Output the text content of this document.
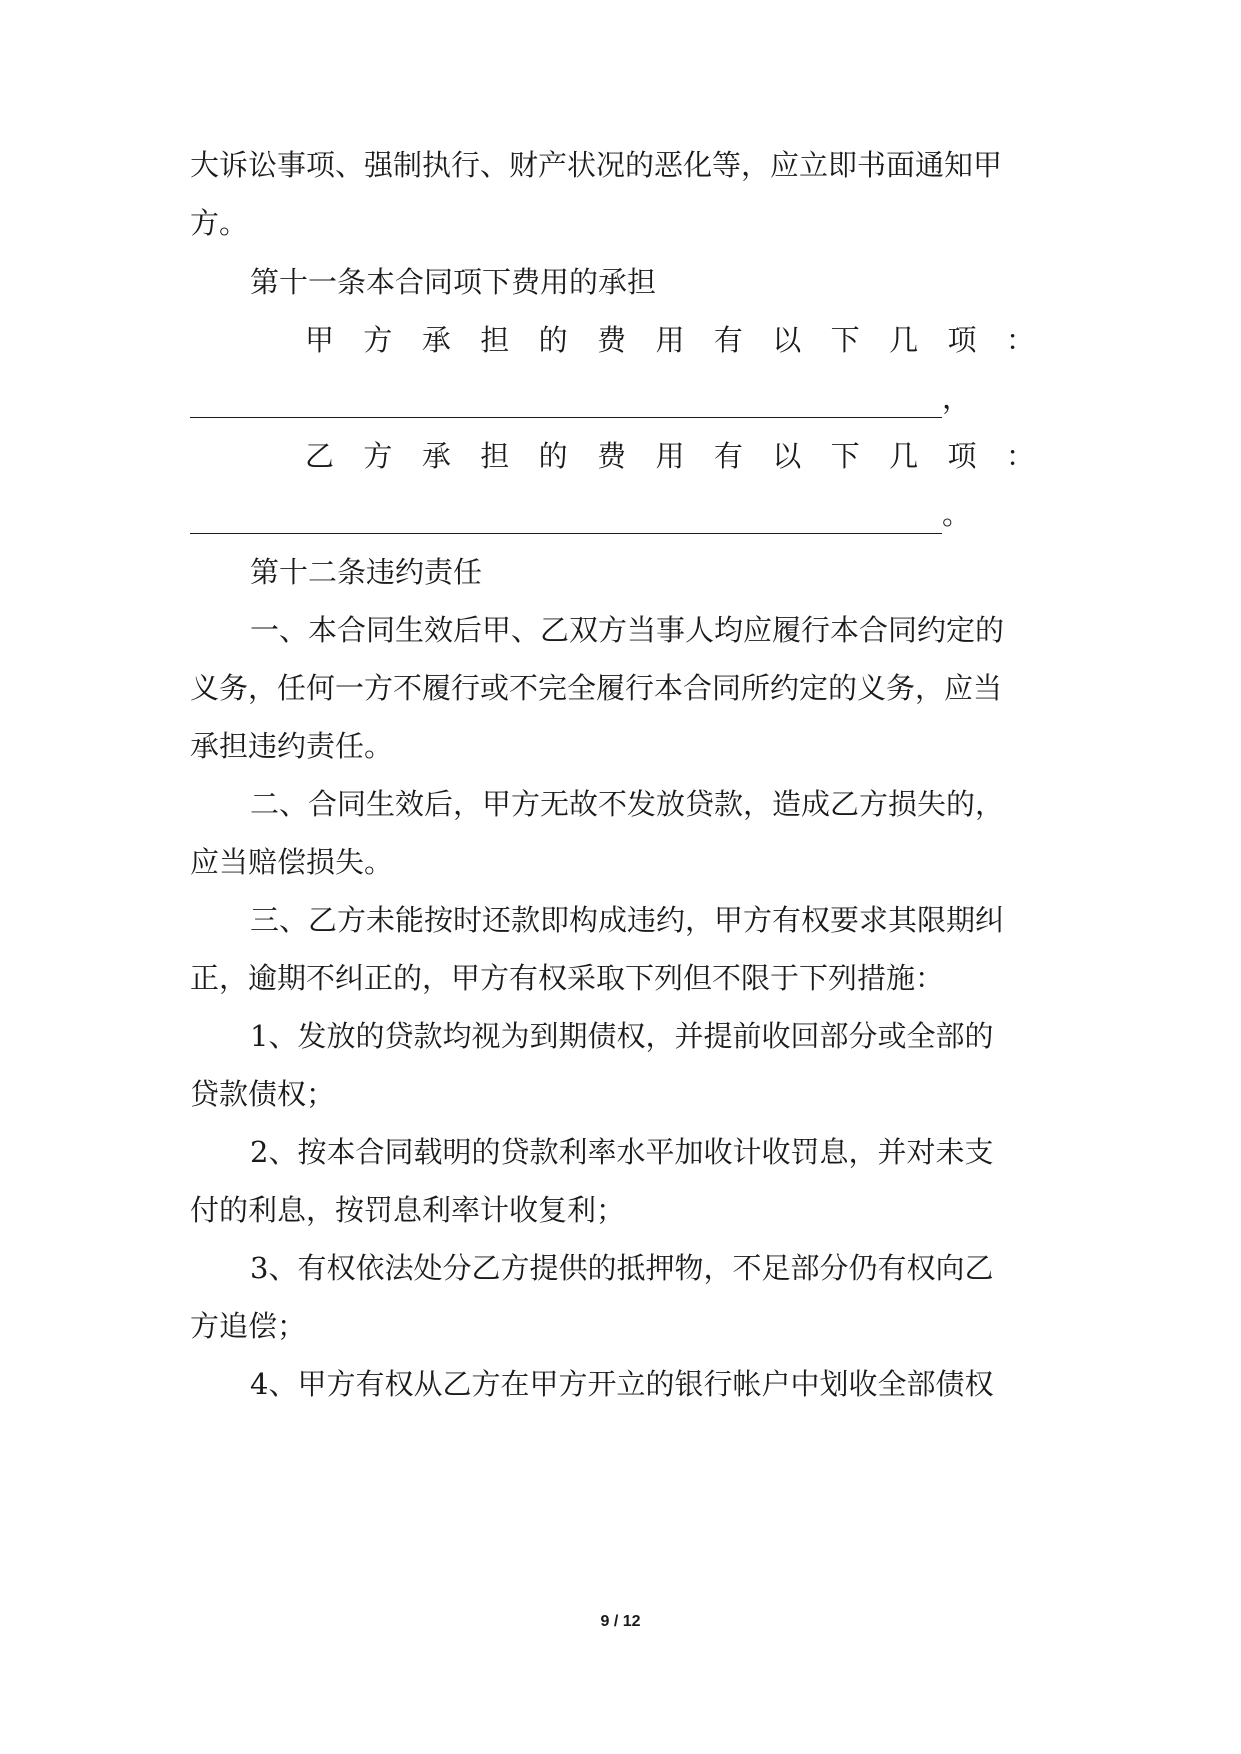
大诉讼事项、强制执行、财产状况的恶化等，应立即书面通知甲
方。
第十一条本合同项下费用的承担
甲 方 承 担 的 费 用 有 以 下 几 项 ：
，
乙 方 承 担 的 费 用 有 以 下 几 项 ：
。
第十二条违约责任
一、本合同生效后甲、乙双方当事人均应履行本合同约定的
义务，任何一方不履行或不完全履行本合同所约定的义务，应当
承担违约责任。
二、合同生效后，甲方无故不发放贷款，造成乙方损失的，
应当赔偿损失。
三、乙方未能按时还款即构成违约，甲方有权要求其限期纠
正，逾期不纠正的，甲方有权采取下列但不限于下列措施：
1、发放的贷款均视为到期债权，并提前收回部分或全部的
贷款债权；
2、按本合同载明的贷款利率水平加收计收罚息，并对未支
付的利息，按罚息利率计收复利；
3、有权依法处分乙方提供的抵押物，不足部分仍有权向乙
方追偿；
4、甲方有权从乙方在甲方开立的银行帐户中划收全部债权
9 / 12
